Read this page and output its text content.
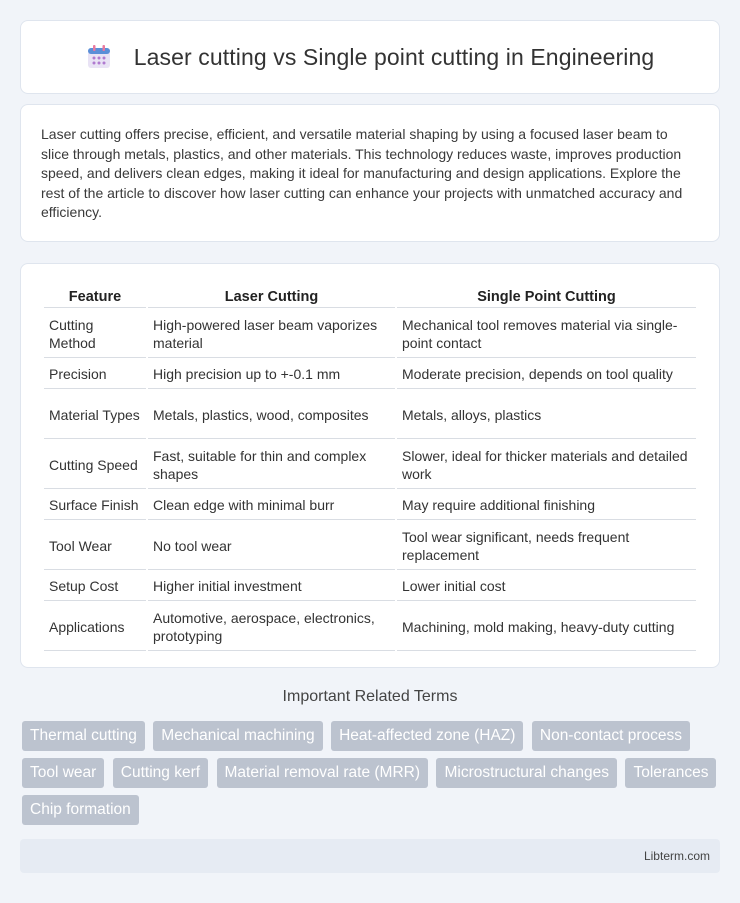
Laser cutting vs Single point cutting in Engineering

Laser cutting offers precise, efficient, and versatile material shaping by using a focused laser beam to slice through metals, plastics, and other materials. This technology reduces waste, improves production speed, and delivers clean edges, making it ideal for manufacturing and design applications. Explore the rest of the article to discover how laser cutting can enhance your projects with unmatched accuracy and efficiency.

Feature	Laser Cutting	Single Point Cutting
Cutting Method	High-powered laser beam vaporizes material	Mechanical tool removes material via single-point contact
Precision	High precision up to +-0.1 mm	Moderate precision, depends on tool quality
Material Types	Metals, plastics, wood, composites	Metals, alloys, plastics
Cutting Speed	Fast, suitable for thin and complex shapes	Slower, ideal for thicker materials and detailed work
Surface Finish	Clean edge with minimal burr	May require additional finishing
Tool Wear	No tool wear	Tool wear significant, needs frequent replacement
Setup Cost	Higher initial investment	Lower initial cost
Applications	Automotive, aerospace, electronics, prototyping	Machining, mold making, heavy-duty cutting
Important Related Terms
Thermal cutting Mechanical machining Heat-affected zone (HAZ) Non-contact process Tool wear Cutting kerf Material removal rate (MRR) Microstructural changes Tolerances Chip formation
Libterm.com
